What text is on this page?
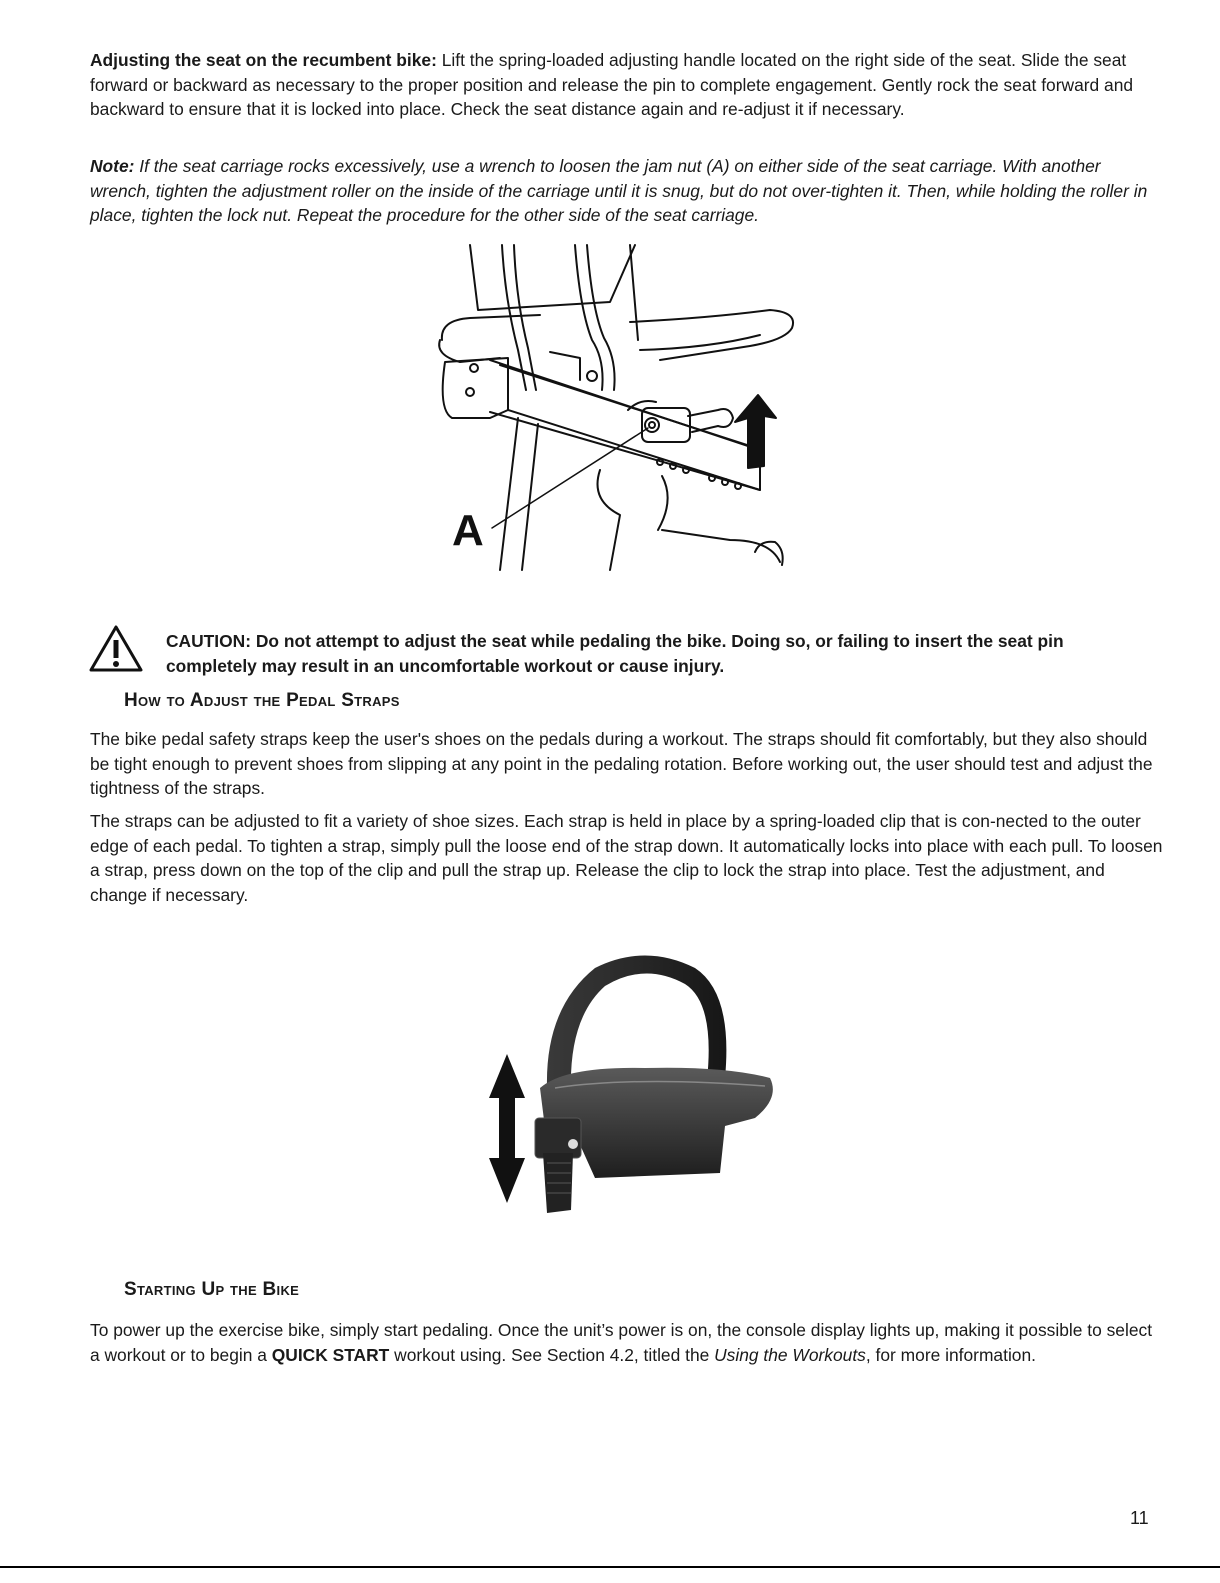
Adjusting the seat on the recumbent bike: Lift the spring-loaded adjusting handle located on the right side of the seat. Slide the seat forward or backward as necessary to the proper position and release the pin to complete engagement. Gently rock the seat forward and backward to ensure that it is locked into place. Check the seat distance again and re-adjust it if necessary.

Note: If the seat carriage rocks excessively, use a wrench to loosen the jam nut (A) on either side of the seat carriage. With another wrench, tighten the adjustment roller on the inside of the carriage until it is snug, but do not over-tighten it. Then, while holding the roller in place, tighten the lock nut. Repeat the procedure for the other side of the seat carriage.

A

CAUTION: Do not attempt to adjust the seat while pedaling the bike. Doing so, or failing to insert the seat pin completely may result in an uncomfortable workout or cause injury.

How to Adjust the Pedal Straps

The bike pedal safety straps keep the user's shoes on the pedals during a workout. The straps should fit comfortably, but they also should be tight enough to prevent shoes from slipping at any point in the pedaling rotation. Before working out, the user should test and adjust the tightness of the straps.

The straps can be adjusted to fit a variety of shoe sizes. Each strap is held in place by a spring-loaded clip that is con-nected to the outer edge of each pedal. To tighten a strap, simply pull the loose end of the strap down. It automatically locks into place with each pull. To loosen a strap, press down on the top of the clip and pull the strap up. Release the clip to lock the strap into place. Test the adjustment, and change if necessary.

Starting Up the Bike

To power up the exercise bike, simply start pedaling. Once the unit’s power is on, the console display lights up, making it possible to select a workout or to begin a QUICK START workout using. See Section 4.2, titled the Using the Workouts, for more information.

11
